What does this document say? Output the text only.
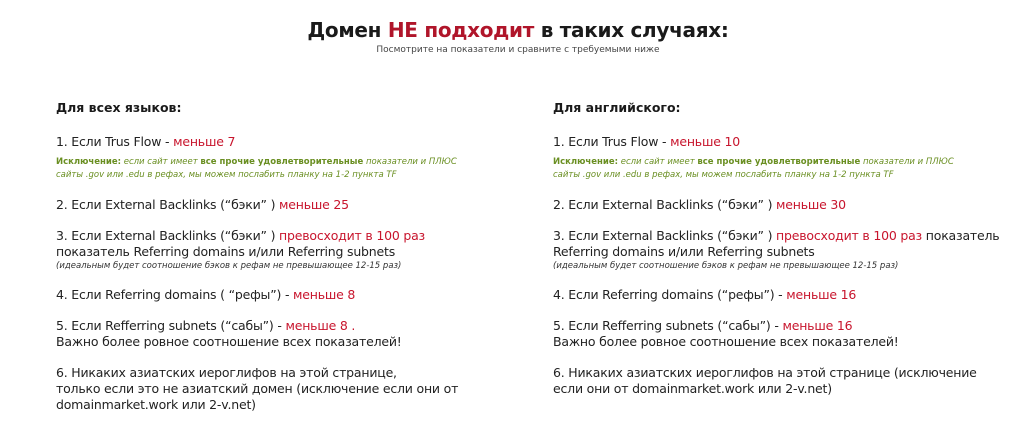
Домен НЕ подходит в таких случаях:
Посмотрите на показатели и сравните с требуемыми ниже
Для всех языков:
1. Если Trus Flow - меньше 7
Исключение: если сайт имеет все прочие удовлетворительные показатели и ПЛЮС
сайты .gov или .edu в рефах, мы можем послабить планку на 1-2 пункта TF
2. Если External Backlinks (“бэки” ) меньше 25
3. Если External Backlinks (“бэки” ) превосходит в 100 раз
показатель Referring domains и/или Referring subnets
(идеальным будет соотношение бэков к рефам не превышающее 12-15 раз)
4. Если Referring domains ( “рефы”) - меньше 8
5. Если Refferring subnets (“сабы”) - меньше 8 .
Важно более ровное соотношение всех показателей!
6. Никаких азиатских иероглифов на этой странице,
только если это не азиатский домен (исключение если они от
domainmarket.work или 2-v.net)
Для английского:
1. Если Trus Flow - меньше 10
Исключение: если сайт имеет все прочие удовлетворительные показатели и ПЛЮС
сайты .gov или .edu в рефах, мы можем послабить планку на 1-2 пункта TF
2. Если External Backlinks (“бэки” ) меньше 30
3. Если External Backlinks (“бэки” ) превосходит в 100 раз показатель
Referring domains и/или Referring subnets
(идеальным будет соотношение бэков к рефам не превышающее 12-15 раз)
4. Если Referring domains (“рефы”) - меньше 16
5. Если Refferring subnets (“сабы”) - меньше 16
Важно более ровное соотношение всех показателей!
6. Никаких азиатских иероглифов на этой странице (исключение
если они от domainmarket.work или 2-v.net)
